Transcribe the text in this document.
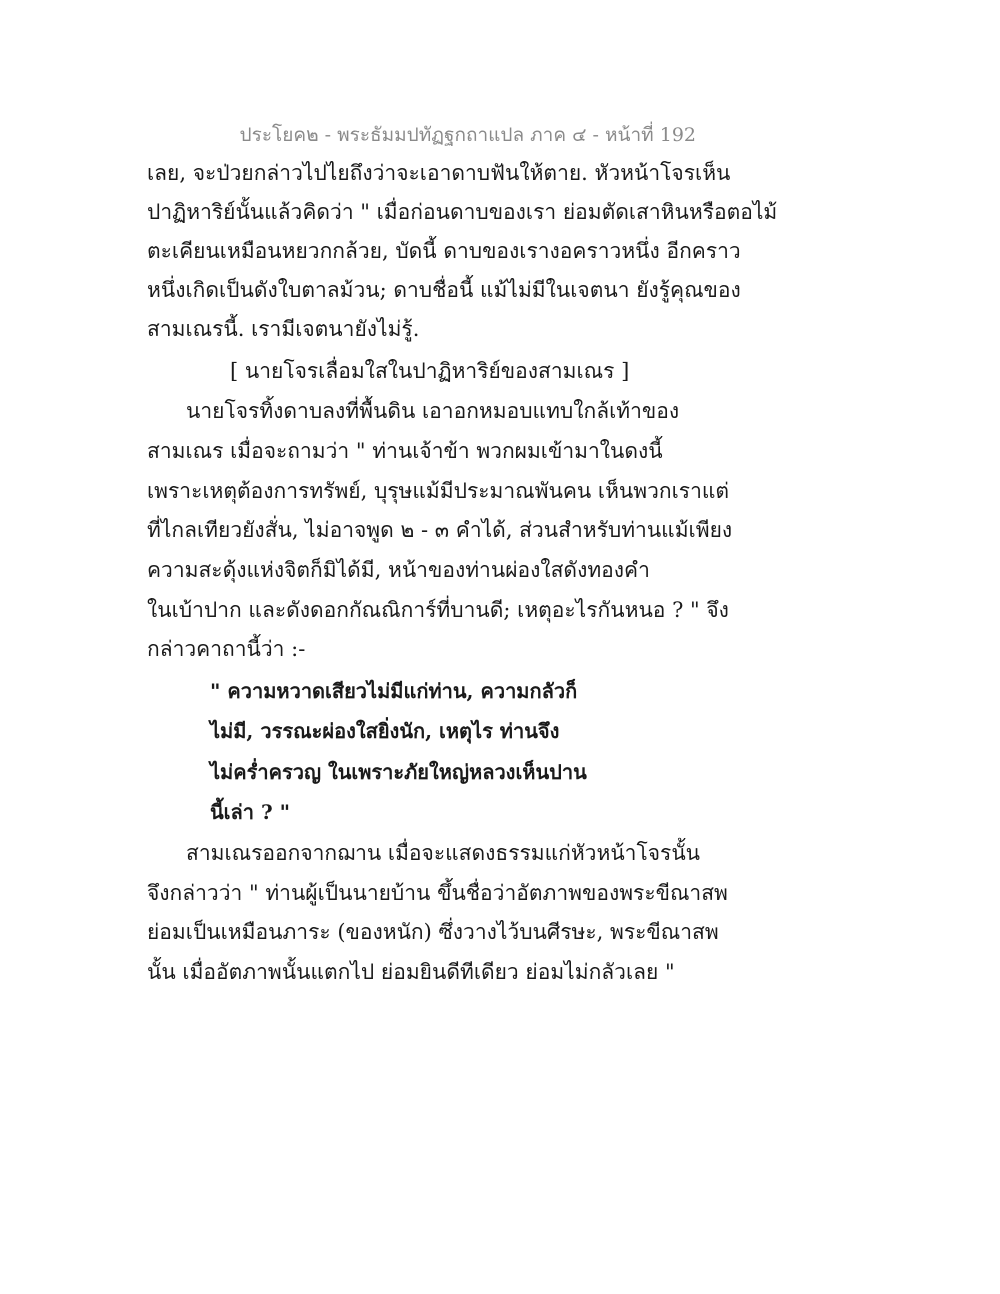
ประโยค๒ - พระธัมมปทัฏฐกถาแปล ภาค ๔ - หน้าที่ 192
เลย, จะป่วยกล่าวไปไยถึงว่าจะเอาดาบฟันให้ตาย. หัวหน้าโจรเห็น
ปาฏิหาริย์นั้นแล้วคิดว่า " เมื่อก่อนดาบของเรา ย่อมตัดเสาหินหรือตอไม้
ตะเคียนเหมือนหยวกกล้วย, บัดนี้ ดาบของเรางอคราวหนึ่ง อีกคราว
หนึ่งเกิดเป็นดังใบตาลม้วน; ดาบชื่อนี้ แม้ไม่มีในเจตนา ยังรู้คุณของ
สามเณรนี้. เรามีเจตนายังไม่รู้.
[ นายโจรเลื่อมใสในปาฏิหาริย์ของสามเณร ]
นายโจรทิ้งดาบลงที่พื้นดิน เอาอกหมอบแทบใกล้เท้าของ
สามเณร เมื่อจะถามว่า " ท่านเจ้าข้า พวกผมเข้ามาในดงนี้
เพราะเหตุต้องการทรัพย์, บุรุษแม้มีประมาณพันคน เห็นพวกเราแต่
ที่ไกลเทียวยังสั่น, ไม่อาจพูด ๒ - ๓ คำได้, ส่วนสำหรับท่านแม้เพียง
ความสะดุ้งแห่งจิตก็มิได้มี, หน้าของท่านผ่องใสดังทองคำ
ในเบ้าปาก และดังดอกกัณณิการ์ที่บานดี; เหตุอะไรกันหนอ ? " จึง
กล่าวคาถานี้ว่า :-
" ความหวาดเสียวไม่มีแก่ท่าน, ความกลัวก็
ไม่มี, วรรณะผ่องใสยิ่งนัก, เหตุไร ท่านจึง
ไม่คร่ำครวญ ในเพราะภัยใหญ่หลวงเห็นปาน
นี้เล่า ? "
สามเณรออกจากฌาน เมื่อจะแสดงธรรมแก่หัวหน้าโจรนั้น
จึงกล่าวว่า " ท่านผู้เป็นนายบ้าน ขึ้นชื่อว่าอัตภาพของพระขีณาสพ
ย่อมเป็นเหมือนภาระ (ของหนัก) ซึ่งวางไว้บนศีรษะ, พระขีณาสพ
นั้น เมื่ออัตภาพนั้นแตกไป ย่อมยินดีทีเดียว ย่อมไม่กลัวเลย "
